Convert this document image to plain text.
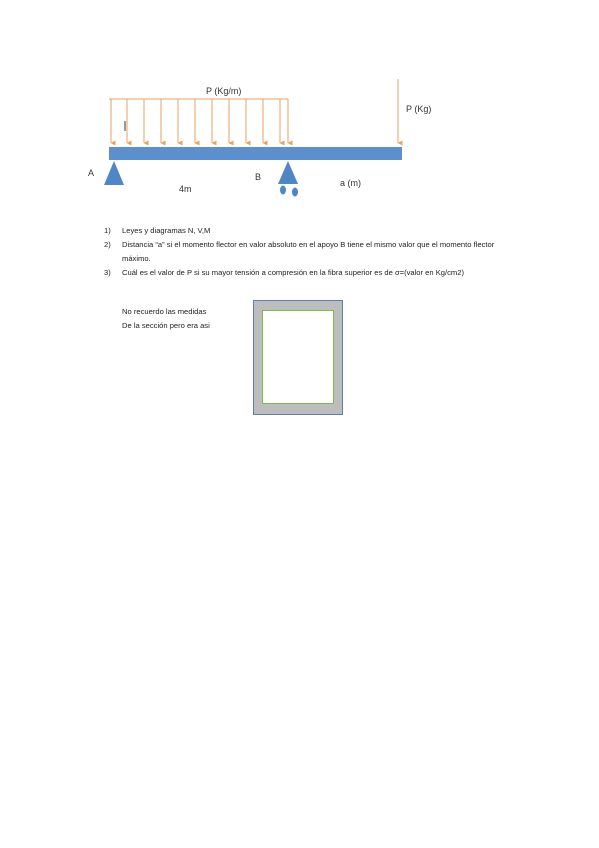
P (Kg/m)
P (Kg)
A	B
4m
a (m)
1) Leyes y diagramas N, V,M
2) Distancia “a” si el momento flector en valor absoluto en el apoyo B tiene el mismo valor que el momento flector máximo.
3) Cuál es el valor de P si su mayor tensión a compresión en la fibra superior es de σ=(valor en Kg/cm2)
No recuerdo las medidas
De la sección pero era asi
